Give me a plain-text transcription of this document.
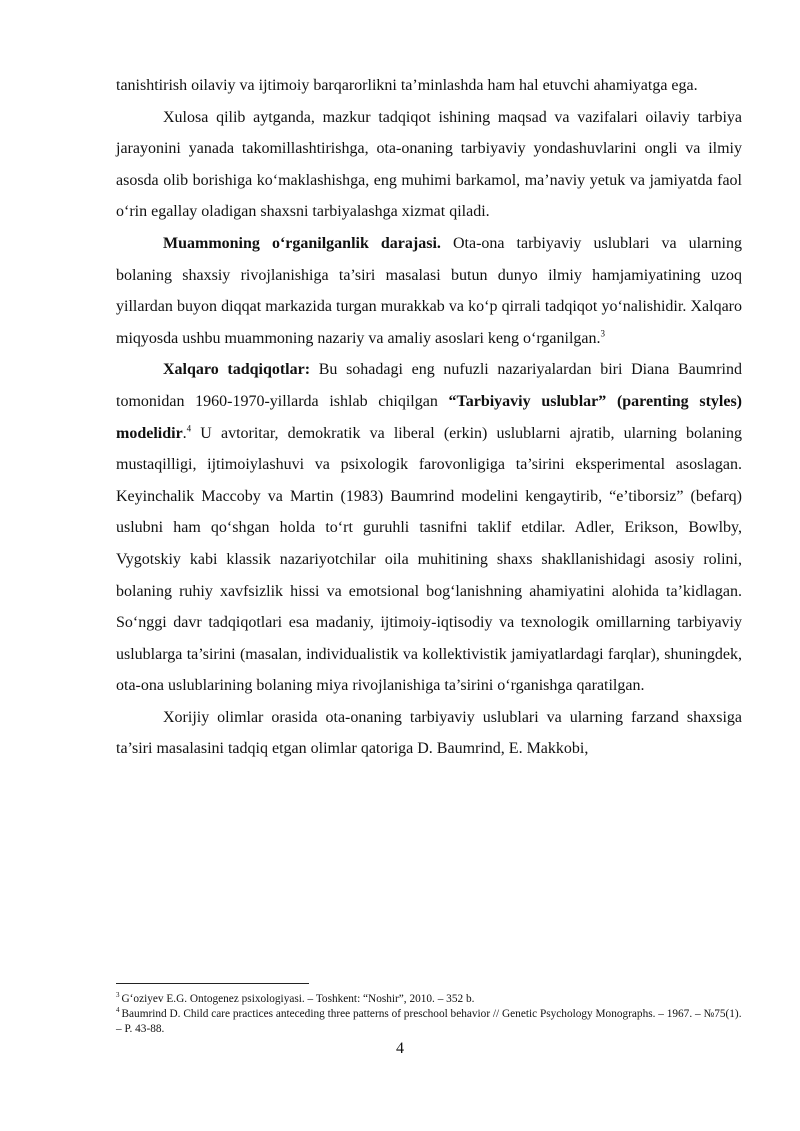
tanishtirish oilaviy va ijtimoiy barqarorlikni ta’minlashda ham hal etuvchi ahamiyatga ega.

Xulosa qilib aytganda, mazkur tadqiqot ishining maqsad va vazifalari oilaviy tarbiya jarayonini yanada takomillashtirishga, ota-onaning tarbiyaviy yondashuvlarini ongli va ilmiy asosda olib borishiga ko‘maklashishga, eng muhimi barkamol, ma’naviy yetuk va jamiyatda faol o‘rin egallay oladigan shaxsni tarbiyalashga xizmat qiladi.

Muammoning o‘rganilganlik darajasi. Ota-ona tarbiyaviy uslublari va ularning bolaning shaxsiy rivojlanishiga ta’siri masalasi butun dunyo ilmiy hamjamiyatining uzoq yillardan buyon diqqat markazida turgan murakkab va ko‘p qirrali tadqiqot yo‘nalishidir. Xalqaro miqyosda ushbu muammoning nazariy va amaliy asoslari keng o‘rganilgan.$^3$

Xalqaro tadqiqotlar: Bu sohadagi eng nufuzli nazariyalardan biri Diana Baumrind tomonidan 1960-1970-yillarda ishlab chiqilgan “Tarbiyaviy uslublar” (parenting styles) modelidir.$^4$ U avtoritar, demokratik va liberal (erkin) uslublarni ajratib, ularning bolaning mustaqilligi, ijtimoiylashuvi va psixologik farovonligiga ta’sirini eksperimental asoslagan. Keyinchalik Maccoby va Martin (1983) Baumrind modelini kengaytirib, “e’tiborsiz” (befarq) uslubni ham qo‘shgan holda to‘rt guruhli tasnifni taklif etdilar. Adler, Erikson, Bowlby, Vygotskiy kabi klassik nazariyotchilar oila muhitining shaxs shakllanishidagi asosiy rolini, bolaning ruhiy xavfsizlik hissi va emotsional bog‘lanishning ahamiyatini alohida ta’kidlagan. So‘nggi davr tadqiqotlari esa madaniy, ijtimoiy-iqtisodiy va texnologik omillarning tarbiyaviy uslublarga ta’sirini (masalan, individualistik va kollektivistik jamiyatlardagi farqlar), shuningdek, ota-ona uslublarining bolaning miya rivojlanishiga ta’sirini o‘rganishga qaratilgan.

Xorijiy olimlar orasida ota-onaning tarbiyaviy uslublari va ularning farzand shaxsiga ta’siri masalasini tadqiq etgan olimlar qatoriga D. Baumrind, E. Makkobi,

$^3$ G‘oziyev E.G. Ontogenez psixologiyasi. – Toshkent: “Noshir”, 2010. – 352 b.

$^4$ Baumrind D. Child care practices anteceding three patterns of preschool behavior // Genetic Psychology Monographs. – 1967. – №75(1). – P. 43-88.

4
